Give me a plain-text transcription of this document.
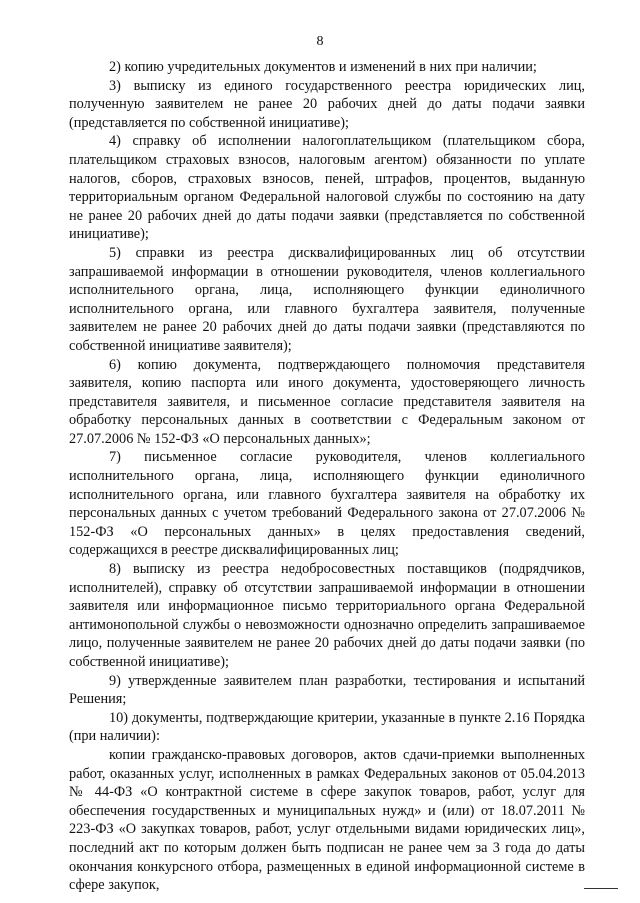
8

2) копию учредительных документов и изменений в них при наличии;

3) выписку из единого государственного реестра юридических лиц, полученную заявителем не ранее 20 рабочих дней до даты подачи заявки (представляется по собственной инициативе);

4) справку об исполнении налогоплательщиком (плательщиком сбора, плательщиком страховых взносов, налоговым агентом) обязанности по уплате налогов, сборов, страховых взносов, пеней, штрафов, процентов, выданную территориальным органом Федеральной налоговой службы по состоянию на дату не ранее 20 рабочих дней до даты подачи заявки (представляется по собственной инициативе);

5) справки из реестра дисквалифицированных лиц об отсутствии запрашиваемой информации в отношении руководителя, членов коллегиального исполнительного органа, лица, исполняющего функции единоличного исполнительного органа, или главного бухгалтера заявителя, полученные заявителем не ранее 20 рабочих дней до даты подачи заявки (представляются по собственной инициативе заявителя);

6) копию документа, подтверждающего полномочия представителя заявителя, копию паспорта или иного документа, удостоверяющего личность представителя заявителя, и письменное согласие представителя заявителя на обработку персональных данных в соответствии с Федеральным законом от 27.07.2006 № 152-ФЗ «О персональных данных»;

7) письменное согласие руководителя, членов коллегиального исполнительного органа, лица, исполняющего функции единоличного исполнительного органа, или главного бухгалтера заявителя на обработку их персональных данных с учетом требований Федерального закона от 27.07.2006 № 152-ФЗ «О персональных данных» в целях предоставления сведений, содержащихся в реестре дисквалифицированных лиц;

8) выписку из реестра недобросовестных поставщиков (подрядчиков, исполнителей), справку об отсутствии запрашиваемой информации в отношении заявителя или информационное письмо территориального органа Федеральной антимонопольной службы о невозможности однозначно определить запрашиваемое лицо, полученные заявителем не ранее 20 рабочих дней до даты подачи заявки (по собственной инициативе);

9) утвержденные заявителем план разработки, тестирования и испытаний Решения;

10) документы, подтверждающие критерии, указанные в пункте 2.16 Порядка (при наличии):

копии гражданско-правовых договоров, актов сдачи-приемки выполненных работ, оказанных услуг, исполненных в рамках Федеральных законов от 05.04.2013 № 44-ФЗ «О контрактной системе в сфере закупок товаров, работ, услуг для обеспечения государственных и муниципальных нужд» и (или) от 18.07.2011 № 223-ФЗ «О закупках товаров, работ, услуг отдельными видами юридических лиц», последний акт по которым должен быть подписан не ранее чем за 3 года до даты окончания конкурсного отбора, размещенных в единой информационной системе в сфере закупок,
